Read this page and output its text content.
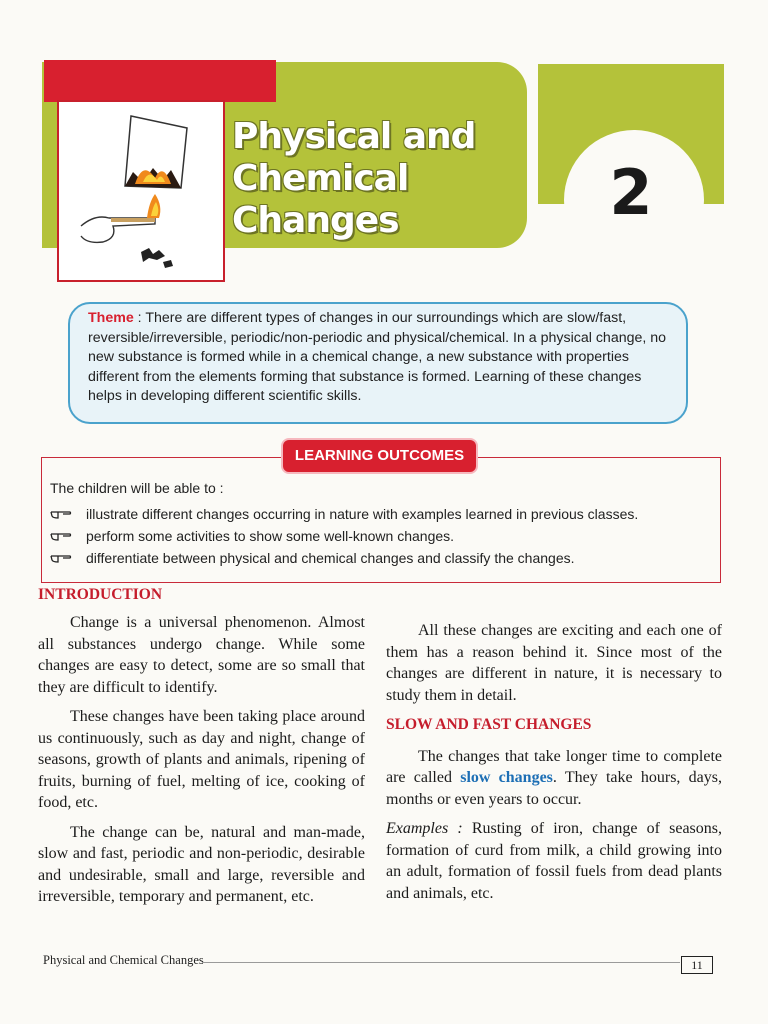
Physical and
Chemical Changes	2
Theme : There are different types of changes in our surroundings which are slow/fast, reversible/irreversible, periodic/non-periodic and physical/chemical. In a physical change, no new substance is formed while in a chemical change, a new substance with properties different from the elements forming that substance is formed. Learning of these changes helps in developing different scientific skills.
LEARNING OUTCOMES
The children will be able to :
illustrate different changes occurring in nature with examples learned in previous classes.
perform some activities to show some well-known changes.
differentiate between physical and chemical changes and classify the changes.
INTRODUCTION

Change is a universal phenomenon. Almost all substances undergo change. While some changes are easy to detect, some are so small that they are difficult to identify.

These changes have been taking place around us continuously, such as day and night, change of seasons, growth of plants and animals, ripening of fruits, burning of fuel, melting of ice, cooking of food, etc.

The change can be, natural and man-made, slow and fast, periodic and non-periodic, desirable and undesirable, small and large, reversible and irreversible, temporary and permanent, etc.

All these changes are exciting and each one of them has a reason behind it. Since most of the changes are different in nature, it is necessary to study them in detail.

SLOW AND FAST CHANGES

The changes that take longer time to complete are called slow changes. They take hours, days, months or even years to occur.

Examples : Rusting of iron, change of seasons, formation of curd from milk, a child growing into an adult, formation of fossil fuels from dead plants and animals, etc.

Physical and Chemical Changes	11
